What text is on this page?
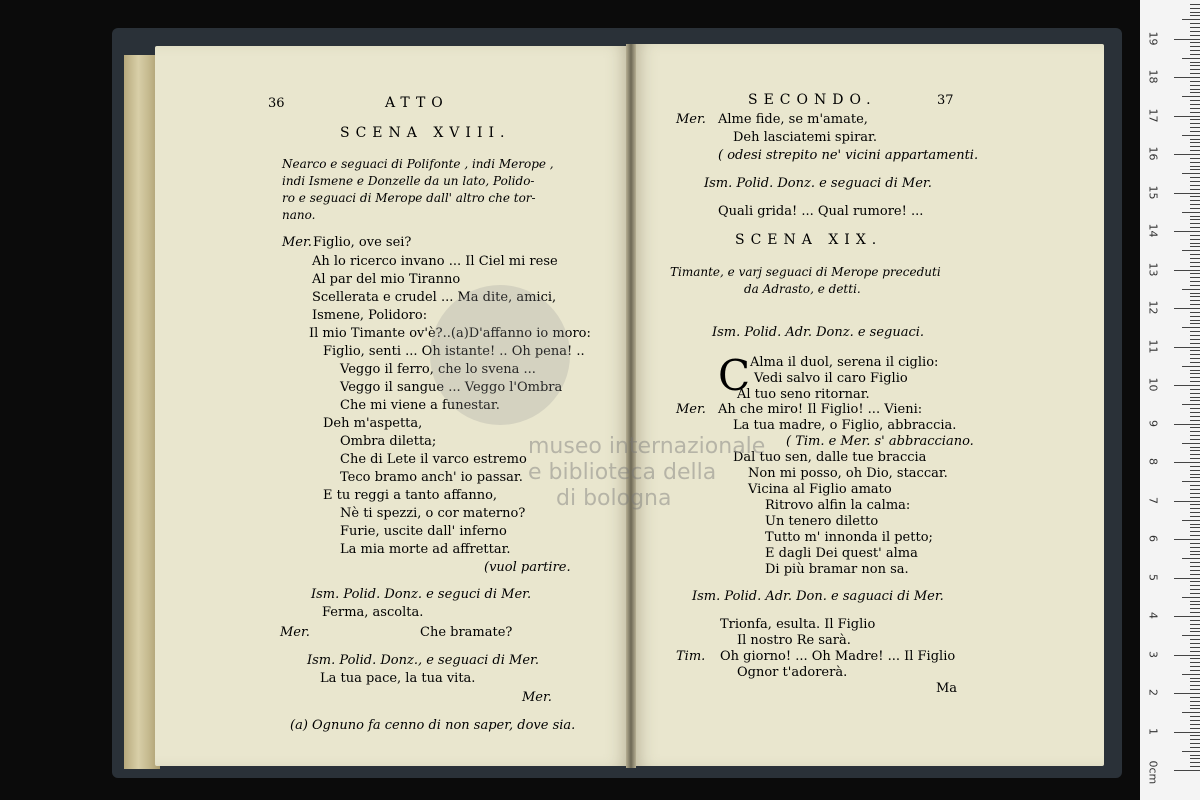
36	ATTO
SCENA XVIII.
Nearco e seguaci di Polifonte , indi Merope ,
indi Ismene e Donzelle da un lato, Polido-
ro e seguaci di Merope dall' altro che tor-
nano.
Mer. Figlio, ove sei?
Ah lo ricerco invano ... Il Ciel mi rese
Al par del mio Tiranno
Scellerata e crudel ... Ma dite, amici,
Ismene, Polidoro:
Il mio Timante ov'è?..(a)D'affanno io moro:
Figlio, senti ... Oh istante! .. Oh pena! ..
Veggo il ferro, che lo svena ...
Veggo il sangue ... Veggo l'Ombra
Che mi viene a funestar.
Deh m'aspetta,
Ombra diletta;
Che di Lete il varco estremo
Teco bramo anch' io passar.
E tu reggi a tanto affanno,
Nè ti spezzi, o cor materno?
Furie, uscite dall' inferno
La mia morte ad affrettar.
(vuol partire.
Ism. Polid. Donz. e seguci di Mer.
Ferma, ascolta.
Mer.	Che bramate?
Ism. Polid. Donz., e seguaci di Mer.
La tua pace, la tua vita.
Mer.
(a) Ognuno fa cenno di non saper, dove sia.
SECONDO.	37
Mer. Alme fide, se m'amate,
Deh lasciatemi spirar.
( odesi strepito ne' vicini appartamenti.
Ism. Polid. Donz. e seguaci di Mer.
Quali grida! ... Qual rumore! ...
SCENA XIX.
Timante, e varj seguaci di Merope preceduti
da Adrasto, e detti.
Ism. Polid. Adr. Donz. e seguaci.
Alma il duol, serena il ciglio:
Vedi salvo il caro Figlio
Al tuo seno ritornar.
Mer. Ah che miro! Il Figlio! ... Vieni:
La tua madre, o Figlio, abbraccia.
( Tim. e Mer. s' abbracciano.
Dal tuo sen, dalle tue braccia
Non mi posso, oh Dio, staccar.
Vicina al Figlio amato
Ritrovo alfin la calma:
Un tenero diletto
Tutto m' innonda il petto;
E dagli Dei quest' alma
Di più bramar non sa.
Ism. Polid. Adr. Don. e saguaci di Mer.
Trionfa, esulta. Il Figlio
Il nostro Re sarà.
Tim. Oh giorno! ... Oh Madre! ... Il Figlio
Ognor t'adorerà.
Ma
C
museo internazionale
e biblioteca della
di bologna
0cm
1
2
3
4
5
6
7
8
9
10
11
12
13
14
15
16
17
18
19
